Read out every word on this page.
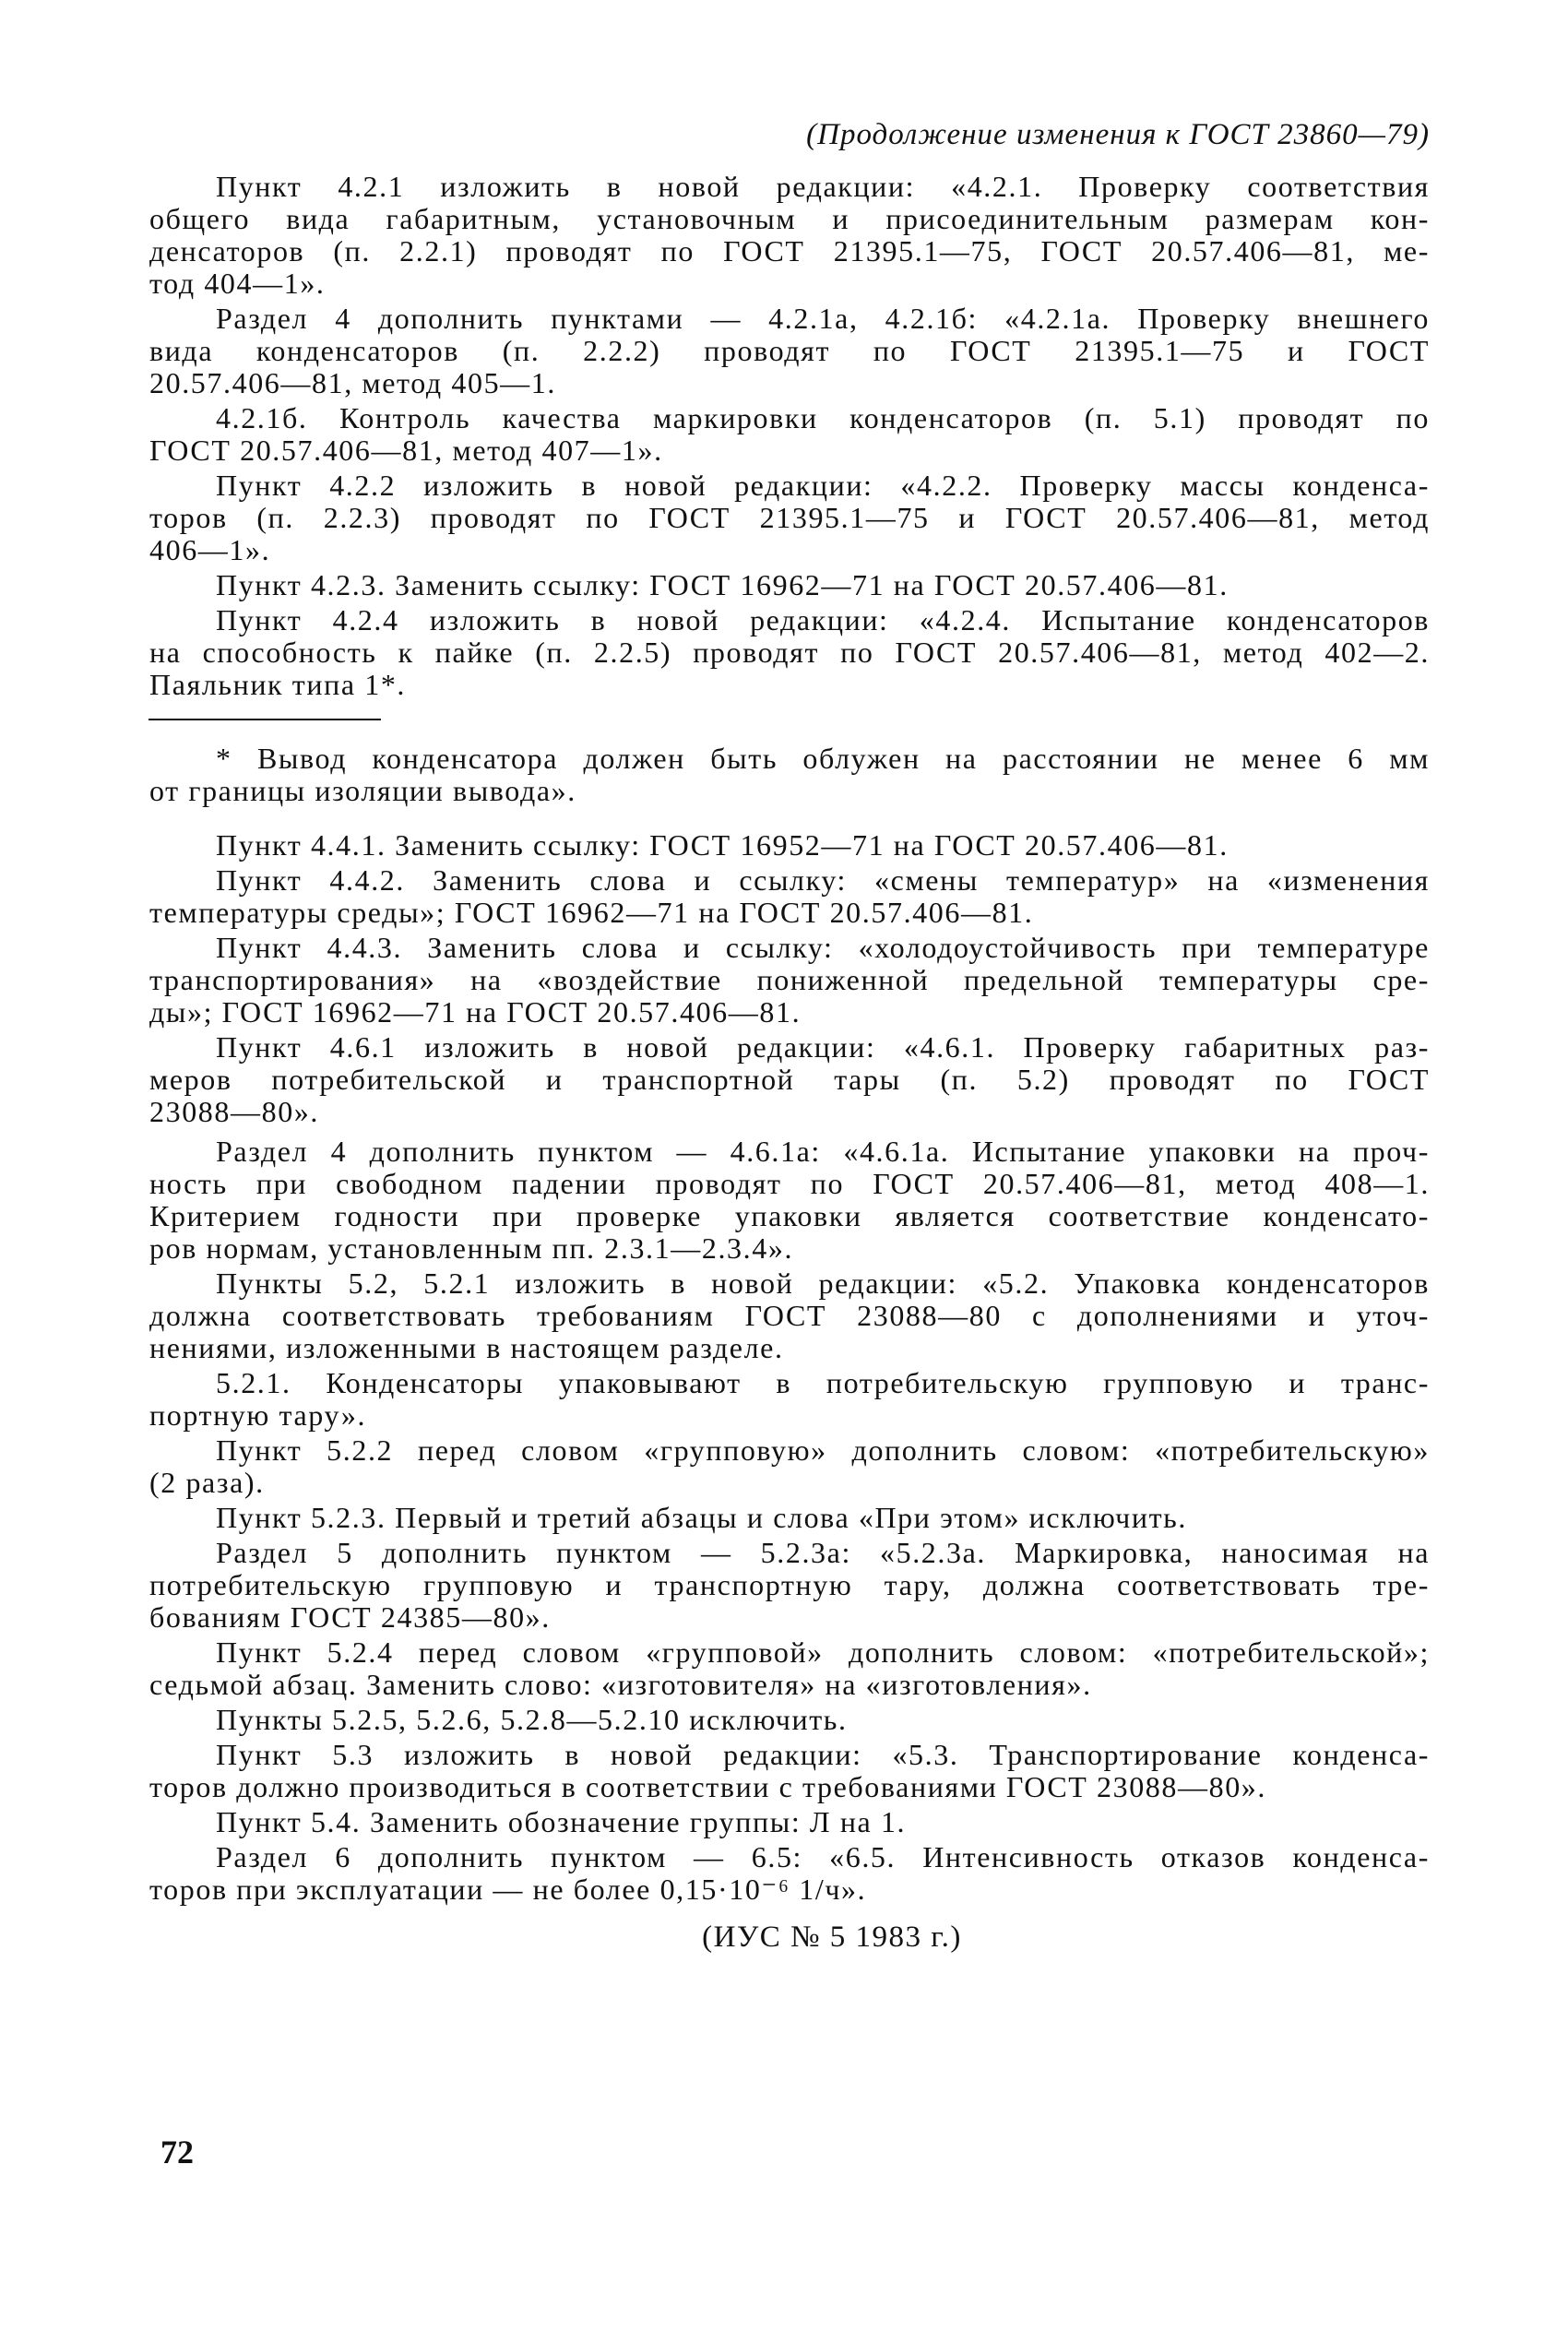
(Продолжение изменения к ГОСТ 23860—79)
Пункт 4.2.1 изложить в новой редакции: «4.2.1. Проверку соответствия
общего вида габаритным, установочным и присоединительным размерам кон-
денсаторов (п. 2.2.1) проводят по ГОСТ 21395.1—75, ГОСТ 20.57.406—81, ме-
тод 404—1».
Раздел 4 дополнить пунктами — 4.2.1а, 4.2.1б: «4.2.1а. Проверку внешнего
вида конденсаторов (п. 2.2.2) проводят по ГОСТ 21395.1—75 и ГОСТ
20.57.406—81, метод 405—1.
4.2.1б. Контроль качества маркировки конденсаторов (п. 5.1) проводят по
ГОСТ 20.57.406—81, метод 407—1».
Пункт 4.2.2 изложить в новой редакции: «4.2.2. Проверку массы конденса-
торов (п. 2.2.3) проводят по ГОСТ 21395.1—75 и ГОСТ 20.57.406—81, метод
406—1».
Пункт 4.2.3. Заменить ссылку: ГОСТ 16962—71 на ГОСТ 20.57.406—81.
Пункт 4.2.4 изложить в новой редакции: «4.2.4. Испытание конденсаторов
на способность к пайке (п. 2.2.5) проводят по ГОСТ 20.57.406—81, метод 402—2.
Паяльник типа 1*.
* Вывод конденсатора должен быть облужен на расстоянии не менее 6 мм
от границы изоляции вывода».
Пункт 4.4.1. Заменить ссылку: ГОСТ 16952—71 на ГОСТ 20.57.406—81.
Пункт 4.4.2. Заменить слова и ссылку: «смены температур» на «изменения
температуры среды»; ГОСТ 16962—71 на ГОСТ 20.57.406—81.
Пункт 4.4.3. Заменить слова и ссылку: «холодоустойчивость при температуре
транспортирования» на «воздействие пониженной предельной температуры сре-
ды»; ГОСТ 16962—71 на ГОСТ 20.57.406—81.
Пункт 4.6.1 изложить в новой редакции: «4.6.1. Проверку габаритных раз-
меров потребительской и транспортной тары (п. 5.2) проводят по ГОСТ
23088—80».
Раздел 4 дополнить пунктом — 4.6.1а: «4.6.1а. Испытание упаковки на проч-
ность при свободном падении проводят по ГОСТ 20.57.406—81, метод 408—1.
Критерием годности при проверке упаковки является соответствие конденсато-
ров нормам, установленным пп. 2.3.1—2.3.4».
Пункты 5.2, 5.2.1 изложить в новой редакции: «5.2. Упаковка конденсаторов
должна соответствовать требованиям ГОСТ 23088—80 с дополнениями и уточ-
нениями, изложенными в настоящем разделе.
5.2.1. Конденсаторы упаковывают в потребительскую групповую и транс-
портную тару».
Пункт 5.2.2 перед словом «групповую» дополнить словом: «потребительскую»
(2 раза).
Пункт 5.2.3. Первый и третий абзацы и слова «При этом» исключить.
Раздел 5 дополнить пунктом — 5.2.3а: «5.2.3а. Маркировка, наносимая на
потребительскую групповую и транспортную тару, должна соответствовать тре-
бованиям ГОСТ 24385—80».
Пункт 5.2.4 перед словом «групповой» дополнить словом: «потребительской»;
седьмой абзац. Заменить слово: «изготовителя» на «изготовления».
Пункты 5.2.5, 5.2.6, 5.2.8—5.2.10 исключить.
Пункт 5.3 изложить в новой редакции: «5.3. Транспортирование конденса-
торов должно производиться в соответствии с требованиями ГОСТ 23088—80».
Пункт 5.4. Заменить обозначение группы: Л на 1.
Раздел 6 дополнить пунктом — 6.5: «6.5. Интенсивность отказов конденса-
торов при эксплуатации — не более 0,15·10⁻⁶ 1/ч».
(ИУС № 5 1983 г.)
72
